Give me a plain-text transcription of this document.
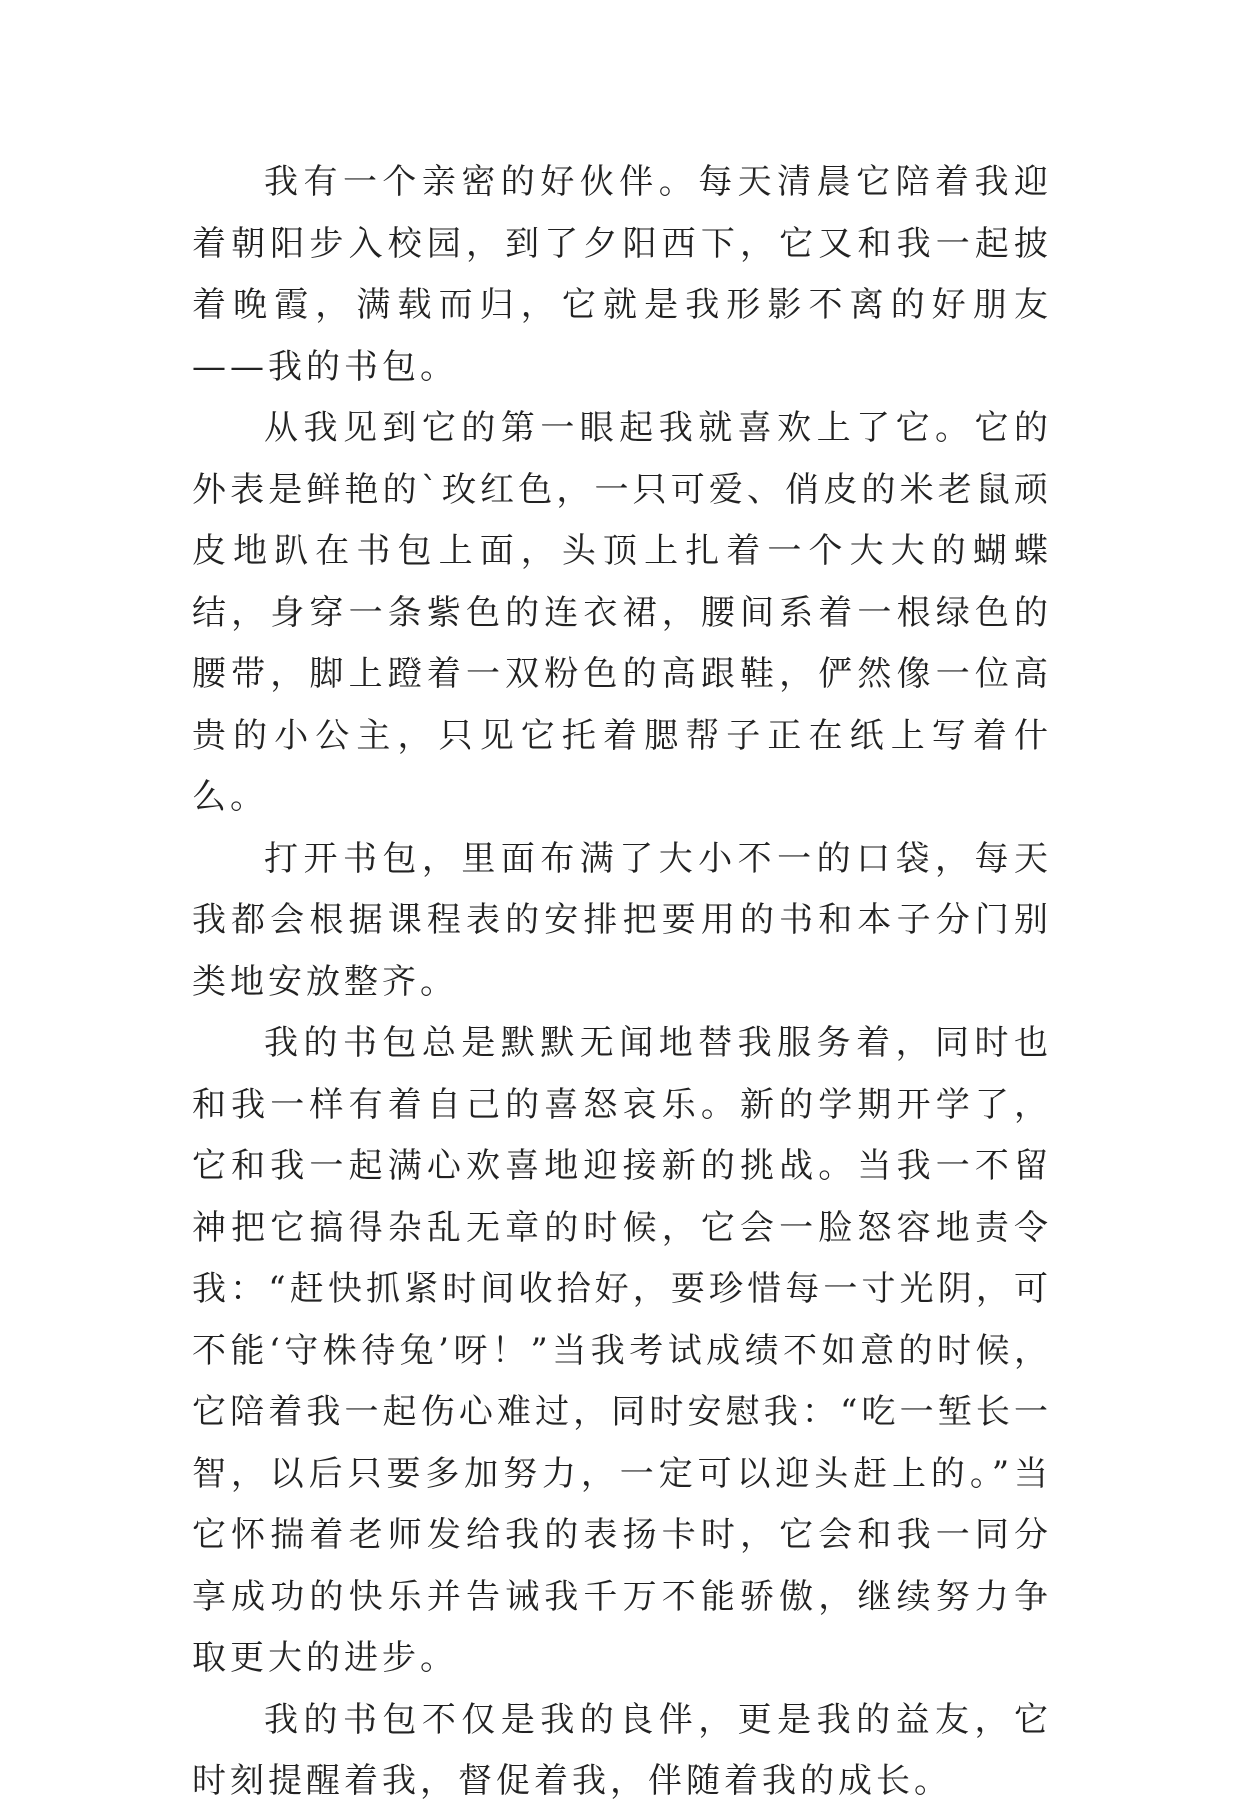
我有一个亲密的好伙伴。每天清晨它陪着我迎着朝阳步入校园，到了夕阳西下，它又和我一起披着晚霞，满载而归，它就是我形影不离的好朋友——我的书包。

从我见到它的第一眼起我就喜欢上了它。它的外表是鲜艳的`玫红色，一只可爱、俏皮的米老鼠顽皮地趴在书包上面，头顶上扎着一个大大的蝴蝶结，身穿一条紫色的连衣裙，腰间系着一根绿色的腰带，脚上蹬着一双粉色的高跟鞋，俨然像一位高贵的小公主，只见它托着腮帮子正在纸上写着什么。

打开书包，里面布满了大小不一的口袋，每天我都会根据课程表的安排把要用的书和本子分门别类地安放整齐。

我的书包总是默默无闻地替我服务着，同时也和我一样有着自己的喜怒哀乐。新的学期开学了，它和我一起满心欢喜地迎接新的挑战。当我一不留神把它搞得杂乱无章的时候，它会一脸怒容地责令我：“赶快抓紧时间收拾好，要珍惜每一寸光阴，可不能‘守株待兔’呀！”当我考试成绩不如意的时候，它陪着我一起伤心难过，同时安慰我：“吃一堑长一智，以后只要多加努力，一定可以迎头赶上的。”当它怀揣着老师发给我的表扬卡时，它会和我一同分享成功的快乐并告诫我千万不能骄傲，继续努力争取更大的进步。

我的书包不仅是我的良伴，更是我的益友，它时刻提醒着我，督促着我，伴随着我的成长。
